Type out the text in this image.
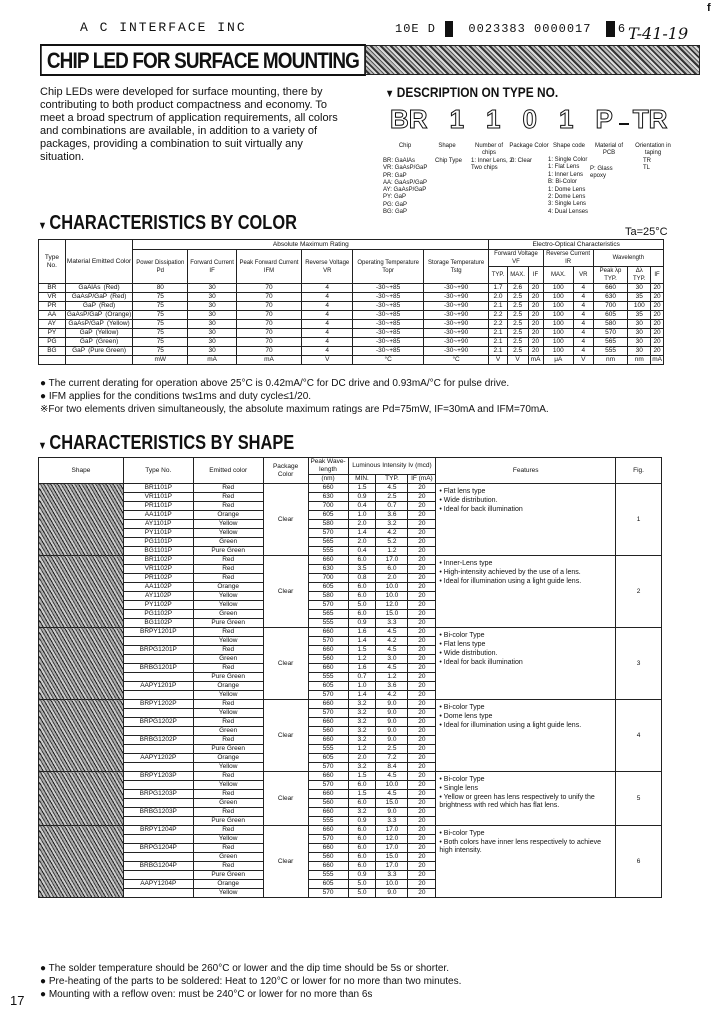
A C INTERFACE INC	10E D	0023383 0000017 6 T-41-19
f
CHIP LED FOR SURFACE MOUNTING
Chip LEDs were developed for surface mounting, there by contributing to both product compactness and economy. To meet a broad spectrum of application requirements, all colors and combinations are available, in addition to a variety of packages, providing a combination to suit virtually any situation.
▼ DESCRIPTION ON TYPE NO.
BR 1 1 0 1 P TR
Chip	Shape	Number of chips
Package Color Shape code	Material of PCB
Orientation in taping
BR: GaAlAs
VR: GaAsP/GaP
PR: GaP
AA: GaAsP/GaP
AY: GaAsP/GaP
PY: GaP
PG: GaP
BG: GaP
Chip Type	1: Inner Lens, 2: Two chips
0: Clear	1: Single Color
1: Flat Lens
1: Inner Lens
B: Bi-Color
1: Dome Lens
2: Dome Lens
3: Single Lens
4: Dual Lenses
P: Glass
epoxy
TR
TL
▼ CHARACTERISTICS BY COLOR	Ta=25°C
Type No.	Material Emitted Color	Absolute Maximum Rating						Electro-Optical Characteristics							
		Power Dissipation Pd	Forward Current IF	Peak Forward Current IFM	Reverse Voltage VR	Operating Temperature Topr	Storage Temperature Tstg	Forward Voltage VF			Reverse Current IR		Wavelength		
								TYP.	MAX.	IF	MAX.	VR	Peak λp TYP.	Δλ TYP.	IF
BR	GaAlAs (Red)	80	30	70	4	-30~+85	-30~+90	1.7	2.6	20	100	4	660	30	20
VR	GaAsP/GaP (Red)	75	30	70	4	-30~+85	-30~+90	2.0	2.5	20	100	4	630	35	20
PR	GaP (Red)	75	30	70	4	-30~+85	-30~+90	2.1	2.5	20	100	4	700	100	20
AA	GaAsP/GaP (Orange)	75	30	70	4	-30~+85	-30~+90	2.2	2.5	20	100	4	605	35	20
AY	GaAsP/GaP (Yellow)	75	30	70	4	-30~+85	-30~+90	2.2	2.5	20	100	4	580	30	20
PY	GaP (Yellow)	75	30	70	4	-30~+85	-30~+90	2.1	2.5	20	100	4	570	30	20
PG	GaP (Green)	75	30	70	4	-30~+85	-30~+90	2.1	2.5	20	100	4	565	30	20
BG	GaP (Pure Green)	75	30	70	4	-30~+85	-30~+90	2.1	2.5	20	100	4	555	30	20
		mW	mA	mA	V	°C	°C	V	V	mA	μA	V	nm	nm	mA
● The current derating for operation above 25°C is 0.42mA/°C for DC drive and 0.93mA/°C for pulse drive.
● IFM applies for the conditions tw≤1ms and duty cycle≤1/20.
※For two elements driven simultaneously, the absolute maximum ratings are Pd=75mW, IF=30mA and IFM=70mA.
▼ CHARACTERISTICS BY SHAPE
Shape	Type No.	Emitted color	Package Color	Peak Wave-length	Luminous Intensity Iv (mcd)			Features	Fig.
				(nm)	MIN.	TYP.	IF (mA)		
	BR1101P	Red	Clear	660	1.5	4.5	20	• Flat lens type
• Wide distribution.
• Ideal for back illumination	1
	VR1101P	Red		630	0.9	2.5	20		
	PR1101P	Red		700	0.4	0.7	20		
	AA1101P	Orange		605	1.0	3.6	20		
	AY1101P	Yellow		580	2.0	3.2	20		
	PY1101P	Yellow		570	1.4	4.2	20		
	PG1101P	Green		565	2.0	5.2	20		
	BG1101P	Pure Green		555	0.4	1.2	20		
	BR1102P	Red	Clear	660	6.0	17.0	20	• Inner-Lens type
• High-intensity achieved by the use of a lens.
• Ideal for illumination using a light guide lens.	2
	VR1102P	Red		630	3.5	6.0	20		
	PR1102P	Red		700	0.8	2.0	20		
	AA1102P	Orange		605	6.0	10.0	20		
	AY1102P	Yellow		580	6.0	10.0	20		
	PY1102P	Yellow		570	5.0	12.0	20		
	PG1102P	Green		565	6.0	15.0	20		
	BG1102P	Pure Green		555	0.9	3.3	20		
	BRPY1201P	Red	Clear	660	1.6	4.5	20	• Bi-color Type
• Flat lens type
• Wide distribution.
• Ideal for back illumination	3
		Yellow		570	1.4	4.2	20		
	BRPG1201P	Red		660	1.5	4.5	20		
		Green		560	1.2	3.0	20		
	BRBG1201P	Red		660	1.6	4.5	20		
		Pure Green		555	0.7	1.2	20		
	AAPY1201P	Orange		605	1.0	3.6	20		
		Yellow		570	1.4	4.2	20		
	BRPY1202P	Red	Clear	660	3.2	9.0	20	• Bi-color Type
• Dome lens type
• Ideal for illumination using a light guide lens.	4
		Yellow		570	3.2	9.0	20		
	BRPG1202P	Red		660	3.2	9.0	20		
		Green		560	3.2	9.0	20		
	BRBG1202P	Red		660	3.2	9.0	20		
		Pure Green		555	1.2	2.5	20		
	AAPY1202P	Orange		605	2.0	7.2	20		
		Yellow		570	3.2	8.4	20		
	BRPY1203P	Red	Clear	660	1.5	4.5	20	• Bi-color Type
• Single lens
• Yellow or green has lens respectively to unify the brightness with red which has flat lens.	5
		Yellow		570	6.0	10.0	20		
	BRPG1203P	Red		660	1.5	4.5	20		
		Green		560	6.0	15.0	20		
	BRBG1203P	Red		660	3.2	9.0	20		
		Pure Green		555	0.9	3.3	20		
	BRPY1204P	Red	Clear	660	6.0	17.0	20	• Bi-color Type
• Both colors have inner lens respectively to achieve high intensity.	6
		Yellow		570	6.0	12.0	20		
	BRPG1204P	Red		660	6.0	17.0	20		
		Green		560	6.0	15.0	20		
	BRBG1204P	Red		660	6.0	17.0	20		
		Pure Green		555	0.9	3.3	20		
	AAPY1204P	Orange		605	5.0	10.0	20		
		Yellow		570	5.0	9.0	20		
● The solder temperature should be 260°C or lower and the dip time should be 5s or shorter.
● Pre-heating of the parts to be soldered: Heat to 120°C or lower for no more than two minutes.
● Mounting with a reflow oven: must be 240°C or lower for no more than 6s
17
